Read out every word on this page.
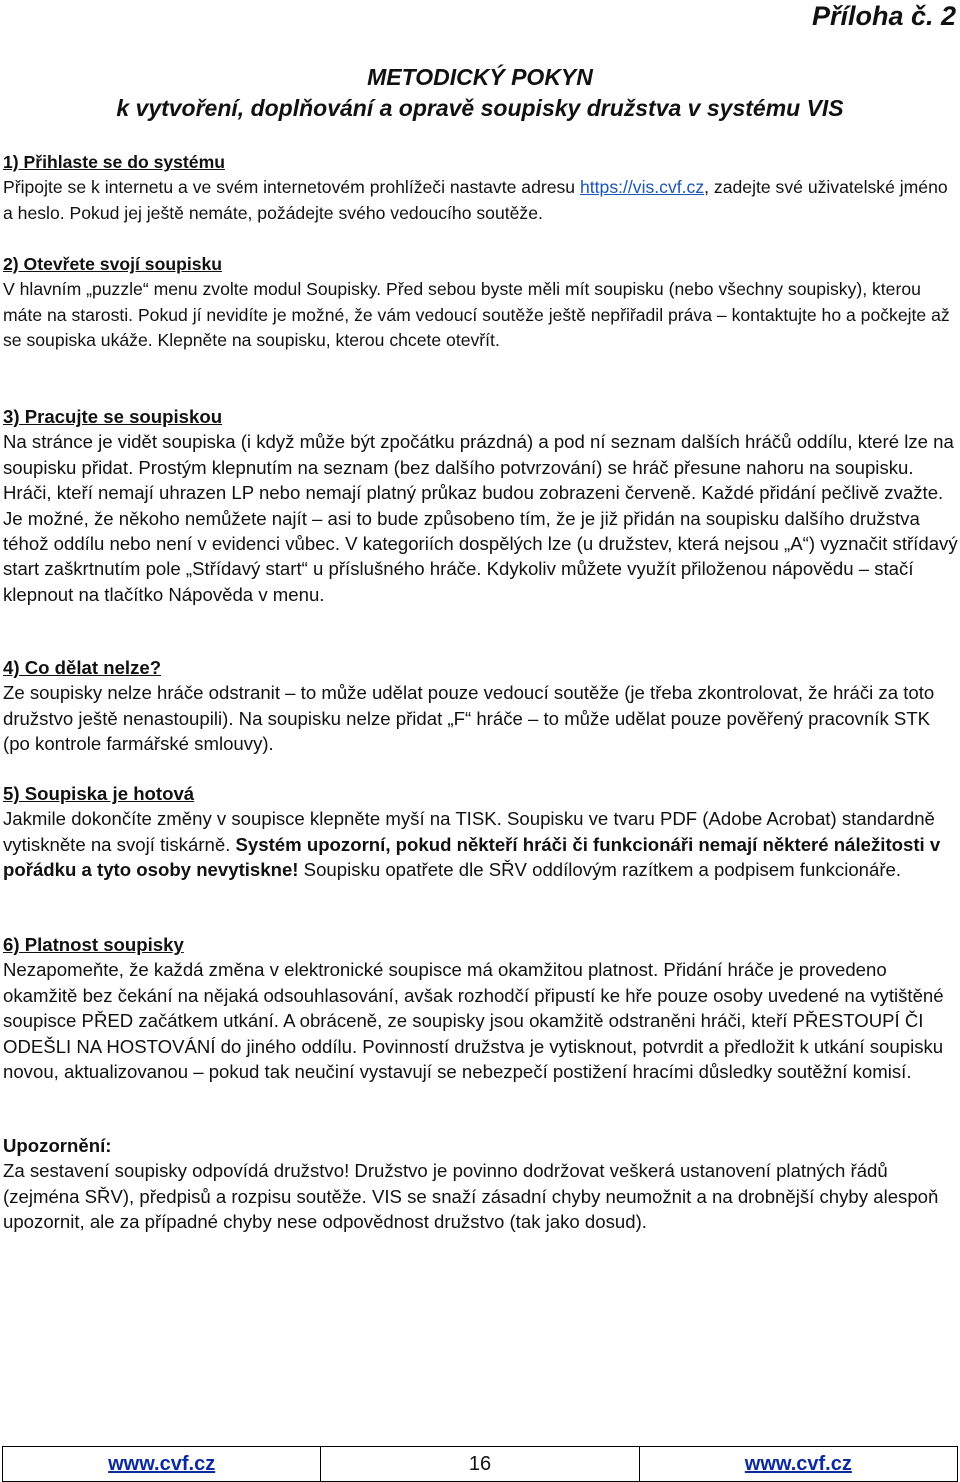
Příloha č. 2
METODICKÝ POKYN
k vytvoření, doplňování a opravě soupisky družstva v systému VIS
1) Přihlaste se do systému
Připojte se k internetu a ve svém internetovém prohlížeči nastavte adresu https://vis.cvf.cz, zadejte své uživatelské jméno a heslo. Pokud jej ještě nemáte, požádejte svého vedoucího soutěže.
2) Otevřete svojí soupisku
V hlavním „puzzle“ menu zvolte modul Soupisky. Před sebou byste měli mít soupisku (nebo všechny soupisky), kterou máte na starosti. Pokud jí nevidíte je možné, že vám vedoucí soutěže ještě nepřiřadil práva – kontaktujte ho a počkejte až se soupiska ukáže. Klepněte na soupisku, kterou chcete otevřít.
3) Pracujte se soupiskou
Na stránce je vidět soupiska (i když může být zpočátku prázdná) a pod ní seznam dalších hráčů oddílu, které lze na soupisku přidat. Prostým klepnutím na seznam (bez dalšího potvrzování) se hráč přesune nahoru na soupisku. Hráči, kteří nemají uhrazen LP nebo nemají platný průkaz budou zobrazeni červeně. Každé přidání pečlivě zvažte. Je možné, že někoho nemůžete najít – asi to bude způsobeno tím, že je již přidán na soupisku dalšího družstva téhož oddílu nebo není v evidenci vůbec. V kategoriích dospělých lze (u družstev, která nejsou „A“) vyznačit střídavý start zaškrtnutím pole „Střídavý start“ u příslušného hráče. Kdykoliv můžete využít přiloženou nápovědu – stačí klepnout na tlačítko Nápověda v menu.
4) Co dělat nelze?
Ze soupisky nelze hráče odstranit – to může udělat pouze vedoucí soutěže (je třeba zkontrolovat, že hráči za toto družstvo ještě nenastoupili). Na soupisku nelze přidat „F“ hráče – to může udělat pouze pověřený pracovník STK (po kontrole farmářské smlouvy).
5) Soupiska je hotová
Jakmile dokončíte změny v soupisce klepněte myší na TISK. Soupisku ve tvaru PDF (Adobe Acrobat) standardně vytiskněte na svojí tiskárně. Systém upozorní, pokud někteří hráči či funkcionáři nemají některé náležitosti v pořádku a tyto osoby nevytiskne! Soupisku opatřete dle SŘV oddílovým razítkem a podpisem funkcionáře.
6) Platnost soupisky
Nezapomeňte, že každá změna v elektronické soupisce má okamžitou platnost. Přidání hráče je provedeno okamžitě bez čekání na nějaká odsouhlasování, avšak rozhodčí připustí ke hře pouze osoby uvedené na vytištěné soupisce PŘED začátkem utkání. A obráceně, ze soupisky jsou okamžitě odstraněni hráči, kteří PŘESTOUPÍ ČI ODEŠLI NA HOSTOVÁNÍ do jiného oddílu. Povinností družstva je vytisknout, potvrdit a předložit k utkání soupisku novou, aktualizovanou – pokud tak neučiní vystavují se nebezpečí postižení hracími důsledky soutěžní komisí.
Upozornění:
Za sestavení soupisky odpovídá družstvo! Družstvo je povinno dodržovat veškerá ustanovení platných řádů (zejména SŘV), předpisů a rozpisu soutěže. VIS se snaží zásadní chyby neumožnit a na drobnější chyby alespoň upozornit, ale za případné chyby nese odpovědnost družstvo (tak jako dosud).
www.cvf.cz	16	www.cvf.cz
